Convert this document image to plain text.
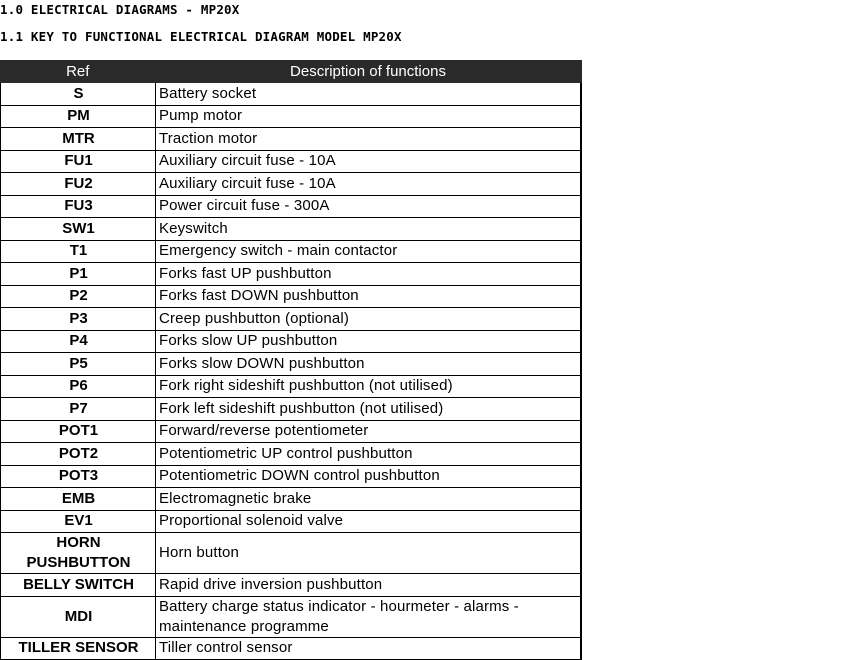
1.0 ELECTRICAL DIAGRAMS - MP20X
1.1 KEY TO FUNCTIONAL ELECTRICAL DIAGRAM MODEL MP20X
Ref	Description of functions
S	Battery socket
PM	Pump motor
MTR	Traction motor
FU1	Auxiliary circuit fuse - 10A
FU2	Auxiliary circuit fuse - 10A
FU3	Power circuit fuse - 300A
SW1	Keyswitch
T1	Emergency switch - main contactor
P1	Forks fast UP pushbutton
P2	Forks fast DOWN pushbutton
P3	Creep pushbutton (optional)
P4	Forks slow UP pushbutton
P5	Forks slow DOWN pushbutton
P6	Fork right sideshift pushbutton (not utilised)
P7	Fork left sideshift pushbutton (not utilised)
POT1	Forward/reverse potentiometer
POT2	Potentiometric UP control pushbutton
POT3	Potentiometric DOWN control pushbutton
EMB	Electromagnetic brake
EV1	Proportional solenoid valve
HORN PUSHBUTTON	Horn button
BELLY SWITCH	Rapid drive inversion pushbutton
MDI	Battery charge status indicator - hourmeter - alarms - maintenance programme
TILLER SENSOR	Tiller control sensor
